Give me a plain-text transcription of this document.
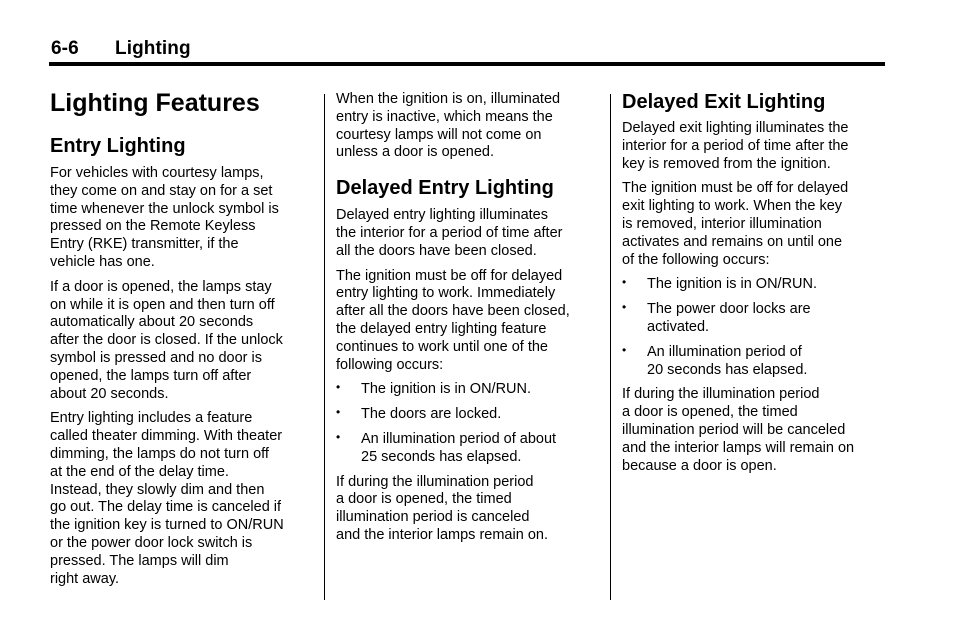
6-6 Lighting
Lighting Features
Entry Lighting

For vehicles with courtesy lamps,
they come on and stay on for a set
time whenever the unlock symbol is
pressed on the Remote Keyless
Entry (RKE) transmitter, if the
vehicle has one.

If a door is opened, the lamps stay
on while it is open and then turn off
automatically about 20 seconds
after the door is closed. If the unlock
symbol is pressed and no door is
opened, the lamps turn off after
about 20 seconds.

Entry lighting includes a feature
called theater dimming. With theater
dimming, the lamps do not turn off
at the end of the delay time.
Instead, they slowly dim and then
go out. The delay time is canceled if
the ignition key is turned to ON/RUN
or the power door lock switch is
pressed. The lamps will dim
right away.

When the ignition is on, illuminated
entry is inactive, which means the
courtesy lamps will not come on
unless a door is opened.

Delayed Entry Lighting

Delayed entry lighting illuminates
the interior for a period of time after
all the doors have been closed.

The ignition must be off for delayed
entry lighting to work. Immediately
after all the doors have been closed,
the delayed entry lighting feature
continues to work until one of the
following occurs:

• The ignition is in ON/RUN.
• The doors are locked.
• An illumination period of about
25 seconds has elapsed.

If during the illumination period
a door is opened, the timed
illumination period is canceled
and the interior lamps remain on.

Delayed Exit Lighting

Delayed exit lighting illuminates the
interior for a period of time after the
key is removed from the ignition.

The ignition must be off for delayed
exit lighting to work. When the key
is removed, interior illumination
activates and remains on until one
of the following occurs:

• The ignition is in ON/RUN.
• The power door locks are
activated.
• An illumination period of
20 seconds has elapsed.

If during the illumination period
a door is opened, the timed
illumination period will be canceled
and the interior lamps will remain on
because a door is open.
